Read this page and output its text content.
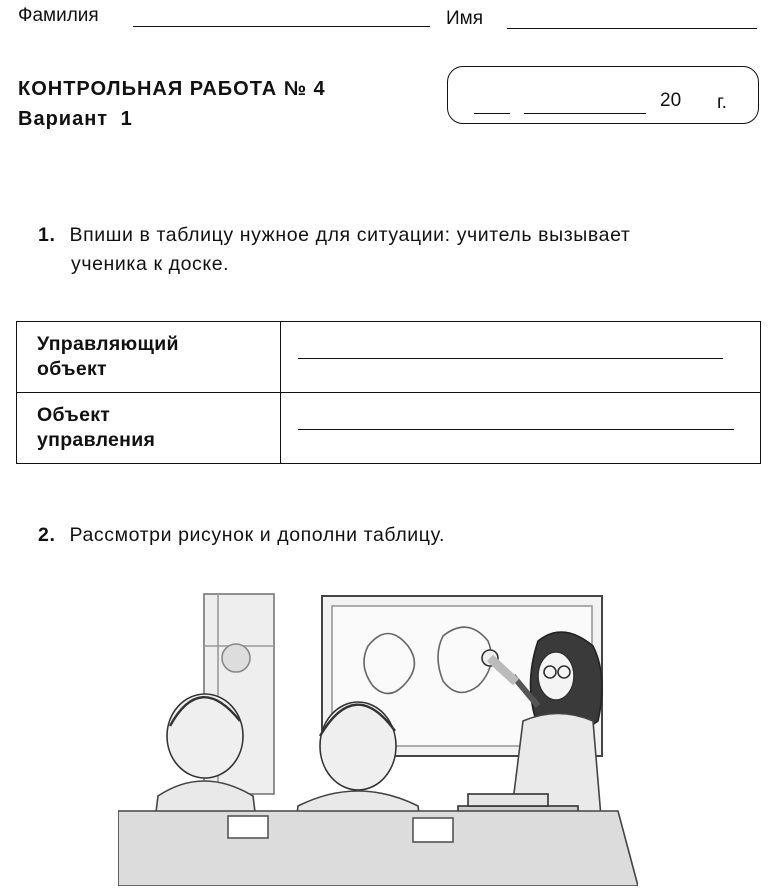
Фамилия	Имя
КОНТРОЛЬНАЯ РАБОТА № 4
Вариант 1
20 г.
1. Впиши в таблицу нужное для ситуации: учитель вызывает
ученика к доске.
Управляющий
объект	

Объект
управления	

2. Рассмотри рисунок и дополни таблицу.
